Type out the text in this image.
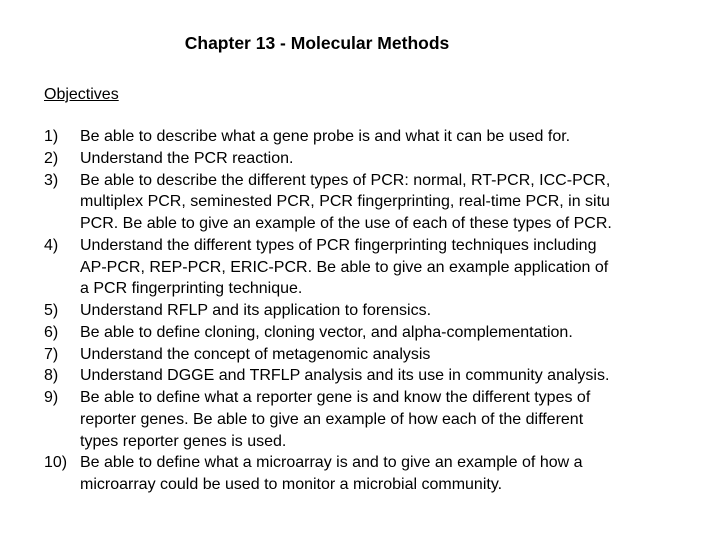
Chapter 13 - Molecular Methods
Objectives
1)	Be able to describe what a gene probe is and what it can be used for.
2)	Understand the PCR reaction.
3)	Be able to describe the different types of PCR: normal, RT-PCR, ICC-PCR,
multiplex PCR, seminested PCR, PCR fingerprinting, real-time PCR, in situ
PCR. Be able to give an example of the use of each of these types of PCR.
4)	Understand the different types of PCR fingerprinting techniques including
AP-PCR, REP-PCR, ERIC-PCR. Be able to give an example application of
a PCR fingerprinting technique.
5)	Understand RFLP and its application to forensics.
6)	Be able to define cloning, cloning vector, and alpha-complementation.
7)	Understand the concept of metagenomic analysis
8)	Understand DGGE and TRFLP analysis and its use in community analysis.
9)	Be able to define what a reporter gene is and know the different types of
reporter genes. Be able to give an example of how each of the different
types reporter genes is used.
10) Be able to define what a microarray is and to give an example of how a
microarray could be used to monitor a microbial community.
